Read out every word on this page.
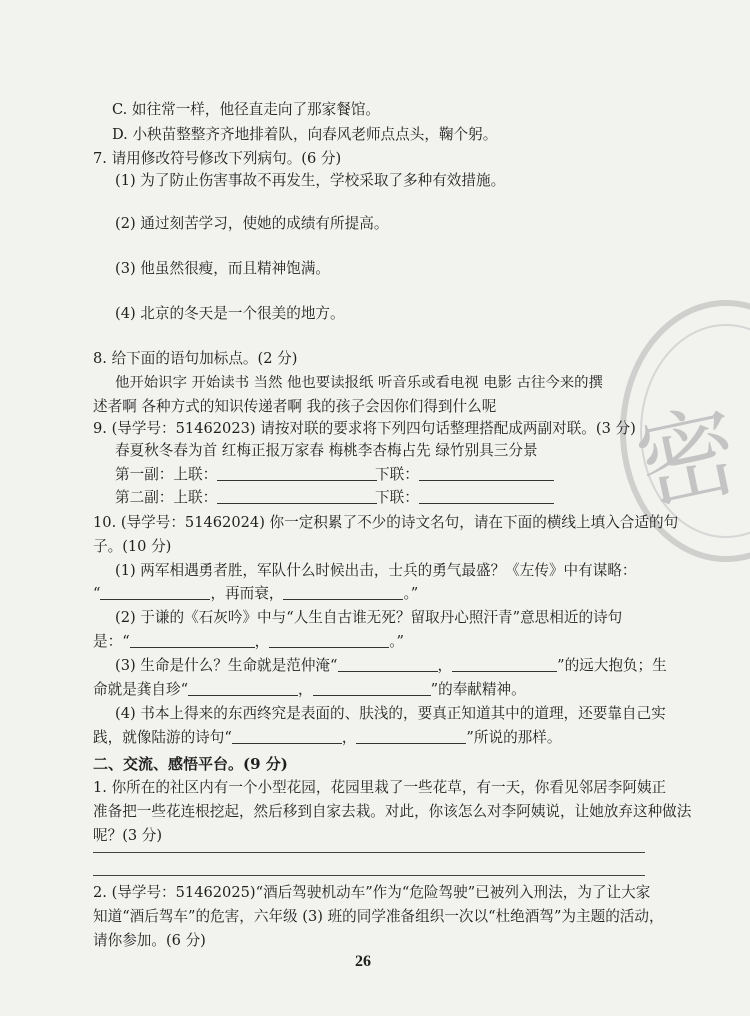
密
C. 如往常一样，他径直走向了那家餐馆。
D. 小秧苗整整齐齐地排着队，向春风老师点点头，鞠个躬。
7. 请用修改符号修改下列病句。(6 分)
(1) 为了防止伤害事故不再发生，学校采取了多种有效措施。
(2) 通过刻苦学习，使她的成绩有所提高。
(3) 他虽然很瘦，而且精神饱满。
(4) 北京的冬天是一个很美的地方。
8. 给下面的语句加标点。(2 分)
他开始识字 开始读书 当然 他也要读报纸 听音乐或看电视 电影 古往今来的撰
述者啊 各种方式的知识传递者啊 我的孩子会因你们得到什么呢
9. (导学号：51462023) 请按对联的要求将下列四句话整理搭配成两副对联。(3 分)
春夏秋冬春为首 红梅正报万家春 梅桃李杏梅占先 绿竹别具三分景
第一副：上联：	下联：
第二副：上联：	下联：
10. (导学号：51462024) 你一定积累了不少的诗文名句，请在下面的横线上填入合适的句
子。(10 分)
(1) 两军相遇勇者胜，军队什么时候出击，士兵的勇气最盛？《左传》中有谋略：
“	，再而衰，	。”
(2) 于谦的《石灰吟》中与“人生自古谁无死？留取丹心照汗青”意思相近的诗句
是：“	，	。”
(3) 生命是什么？生命就是范仲淹“	，	”的远大抱负；生
命就是龚自珍“	，	”的奉献精神。
(4) 书本上得来的东西终究是表面的、肤浅的，要真正知道其中的道理，还要靠自己实
践，就像陆游的诗句“	，	”所说的那样。
二、交流、感悟平台。(9 分)
1. 你所在的社区内有一个小型花园，花园里栽了一些花草，有一天，你看见邻居李阿姨正
准备把一些花连根挖起，然后移到自家去栽。对此，你该怎么对李阿姨说，让她放弃这种做法
呢？(3 分)
2. (导学号：51462025)“酒后驾驶机动车”作为“危险驾驶”已被列入刑法，为了让大家
知道“酒后驾车”的危害，六年级 (3) 班的同学准备组织一次以“杜绝酒驾”为主题的活动，
请你参加。(6 分)
26
